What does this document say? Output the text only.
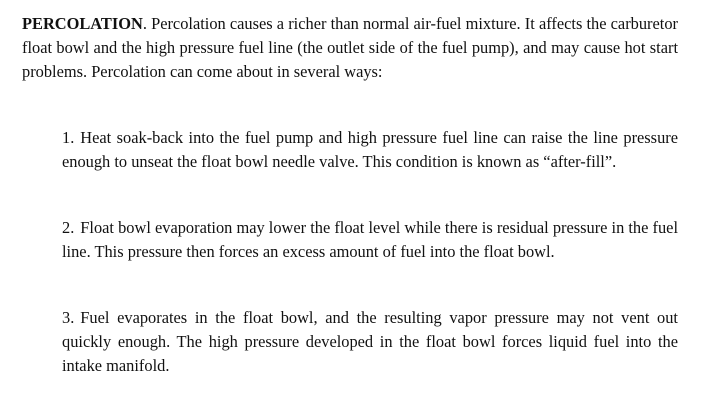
PERCOLATION. Percolation causes a richer than normal air-fuel mixture. It affects the carburetor float bowl and the high pressure fuel line (the outlet side of the fuel pump), and may cause hot start problems. Percolation can come about in several ways:

1. Heat soak-back into the fuel pump and high pressure fuel line can raise the line pressure enough to unseat the float bowl needle valve. This condition is known as “after-fill”.

2. Float bowl evaporation may lower the float level while there is residual pressure in the fuel line. This pressure then forces an excess amount of fuel into the float bowl.

3. Fuel evaporates in the float bowl, and the resulting vapor pressure may not vent out quickly enough. The high pressure developed in the float bowl forces liquid fuel into the intake manifold.
